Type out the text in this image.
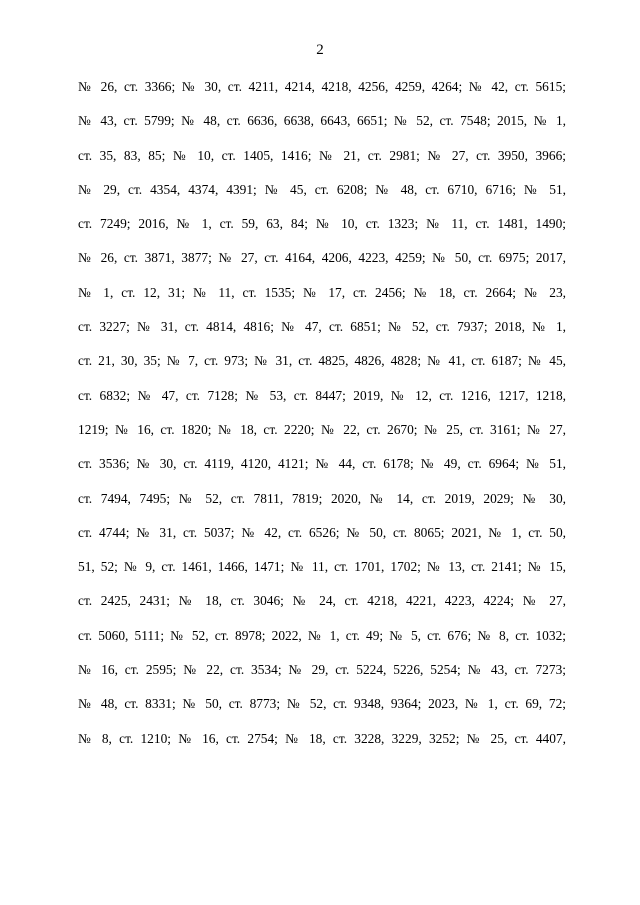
2
№ 26, ст. 3366; № 30, ст. 4211, 4214, 4218, 4256, 4259, 4264; № 42, ст. 5615;
№ 43, ст. 5799; № 48, ст. 6636, 6638, 6643, 6651; № 52, ст. 7548; 2015, № 1,
ст. 35, 83, 85; № 10, ст. 1405, 1416; № 21, ст. 2981; № 27, ст. 3950, 3966;
№ 29, ст. 4354, 4374, 4391; № 45, ст. 6208; № 48, ст. 6710, 6716; № 51,
ст. 7249; 2016, № 1, ст. 59, 63, 84; № 10, ст. 1323; № 11, ст. 1481, 1490;
№ 26, ст. 3871, 3877; № 27, ст. 4164, 4206, 4223, 4259; № 50, ст. 6975; 2017,
№ 1, ст. 12, 31; № 11, ст. 1535; № 17, ст. 2456; № 18, ст. 2664; № 23,
ст. 3227; № 31, ст. 4814, 4816; № 47, ст. 6851; № 52, ст. 7937; 2018, № 1,
ст. 21, 30, 35; № 7, ст. 973; № 31, ст. 4825, 4826, 4828; № 41, ст. 6187; № 45,
ст. 6832; № 47, ст. 7128; № 53, ст. 8447; 2019, № 12, ст. 1216, 1217, 1218,
1219; № 16, ст. 1820; № 18, ст. 2220; № 22, ст. 2670; № 25, ст. 3161; № 27,
ст. 3536; № 30, ст. 4119, 4120, 4121; № 44, ст. 6178; № 49, ст. 6964; № 51,
ст. 7494, 7495; № 52, ст. 7811, 7819; 2020, № 14, ст. 2019, 2029; № 30,
ст. 4744; № 31, ст. 5037; № 42, ст. 6526; № 50, ст. 8065; 2021, № 1, ст. 50,
51, 52; № 9, ст. 1461, 1466, 1471; № 11, ст. 1701, 1702; № 13, ст. 2141; № 15,
ст. 2425, 2431; № 18, ст. 3046; № 24, ст. 4218, 4221, 4223, 4224; № 27,
ст. 5060, 5111; № 52, ст. 8978; 2022, № 1, ст. 49; № 5, ст. 676; № 8, ст. 1032;
№ 16, ст. 2595; № 22, ст. 3534; № 29, ст. 5224, 5226, 5254; № 43, ст. 7273;
№ 48, ст. 8331; № 50, ст. 8773; № 52, ст. 9348, 9364; 2023, № 1, ст. 69, 72;
№ 8, ст. 1210; № 16, ст. 2754; № 18, ст. 3228, 3229, 3252; № 25, ст. 4407,
